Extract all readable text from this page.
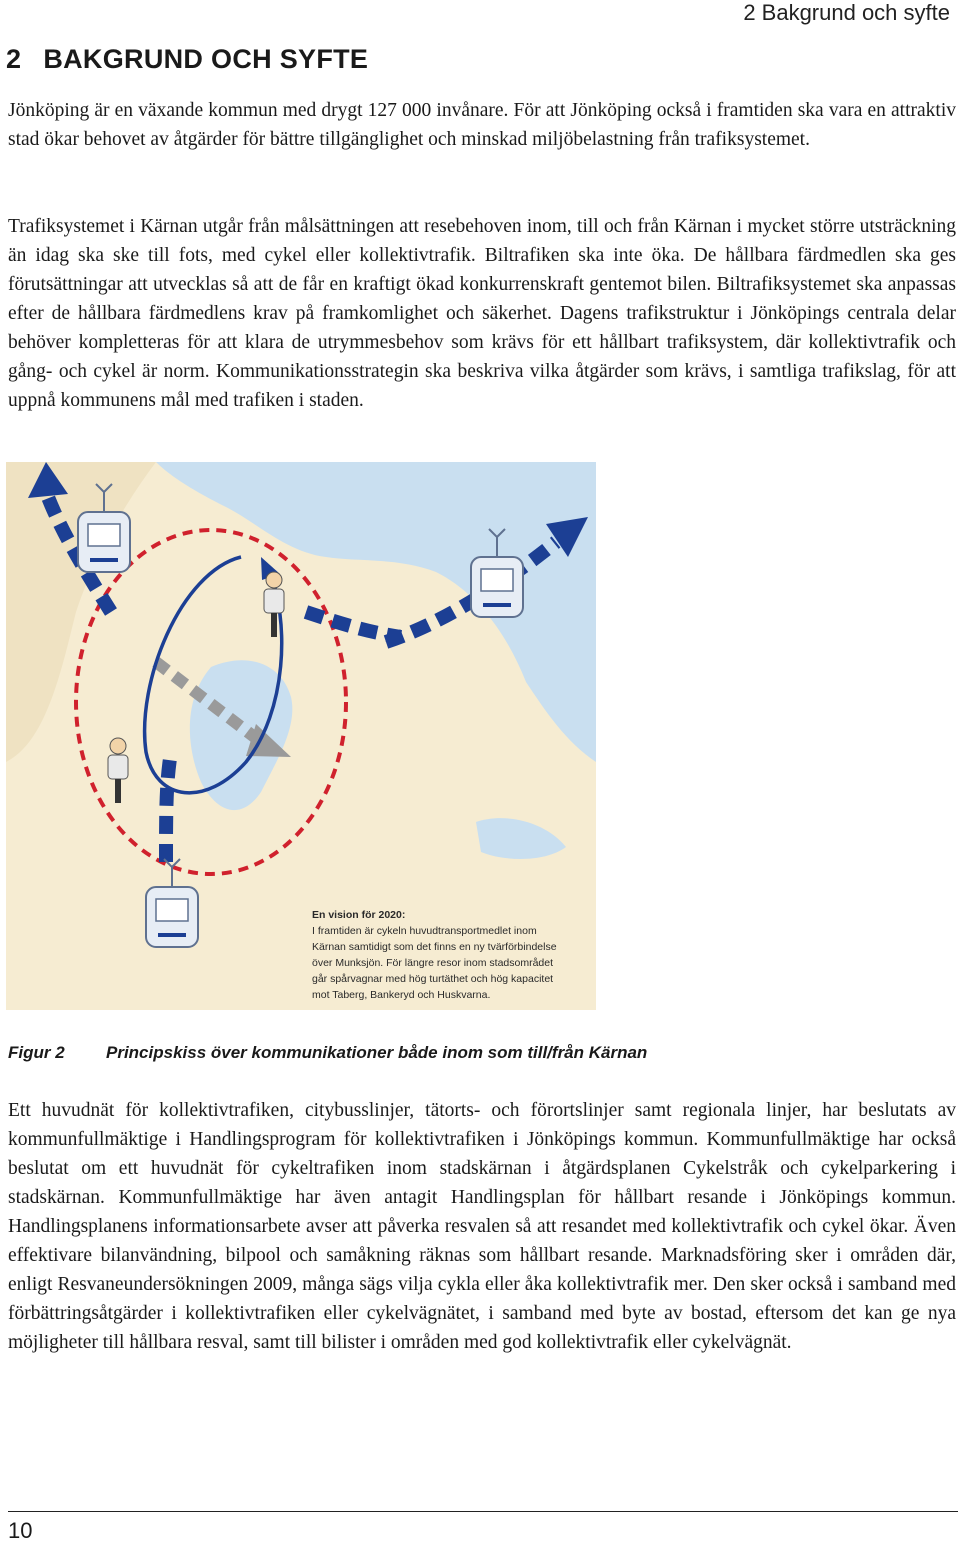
2 Bakgrund och syfte
2 BAKGRUND OCH SYFTE

Jönköping är en växande kommun med drygt 127 000 invånare. För att Jönköping också i framtiden ska vara en attraktiv stad ökar behovet av åtgärder för bättre tillgänglighet och minskad miljöbelastning från trafiksystemet.

Trafiksystemet i Kärnan utgår från målsättningen att resebehoven inom, till och från Kärnan i mycket större utsträckning än idag ska ske till fots, med cykel eller kollektivtrafik. Biltrafiken ska inte öka. De hållbara färdmedlen ska ges förutsättningar att utvecklas så att de får en kraftigt ökad konkurrenskraft gentemot bilen. Biltrafiksystemet ska anpassas efter de hållbara färdmedlens krav på framkomlighet och säkerhet. Dagens trafikstruktur i Jönköpings centrala delar behöver kompletteras för att klara de utrymmesbehov som krävs för ett hållbart trafiksystem, där kollektivtrafik och gång- och cykel är norm. Kommunikationsstrategin ska beskriva vilka åtgärder som krävs, i samtliga trafikslag, för att uppnå kommunens mål med trafiken i staden.

En vision för 2020:
I framtiden är cykeln huvudtransportmedlet inom
Kärnan samtidigt som det finns en ny tvärförbindelse
över Munksjön. För längre resor inom stadsområdet
går spårvagnar med hög turtäthet och hög kapacitet
mot Taberg, Bankeryd och Huskvarna.
Figur 2 Principskiss över kommunikationer både inom som till/från Kärnan

Ett huvudnät för kollektivtrafiken, citybusslinjer, tätorts- och förortslinjer samt regionala linjer, har beslutats av kommunfullmäktige i Handlingsprogram för kollektivtrafiken i Jönköpings kommun. Kommunfullmäktige har också beslutat om ett huvudnät för cykeltrafiken inom stadskärnan i åtgärdsplanen Cykelstråk och cykelparkering i stadskärnan. Kommunfullmäktige har även antagit Handlingsplan för hållbart resande i Jönköpings kommun. Handlingsplanens informationsarbete avser att påverka resvalen så att resandet med kollektivtrafik och cykel ökar. Även effektivare bilanvändning, bilpool och samåkning räknas som hållbart resande. Marknadsföring sker i områden där, enligt Resvaneundersökningen 2009, många sägs vilja cykla eller åka kollektivtrafik mer. Den sker också i samband med förbättringsåtgärder i kollektivtrafiken eller cykelvägnätet, i samband med byte av bostad, eftersom det kan ge nya möjligheter till hållbara resval, samt till bilister i områden med god kollektivtrafik eller cykelvägnät.

10
